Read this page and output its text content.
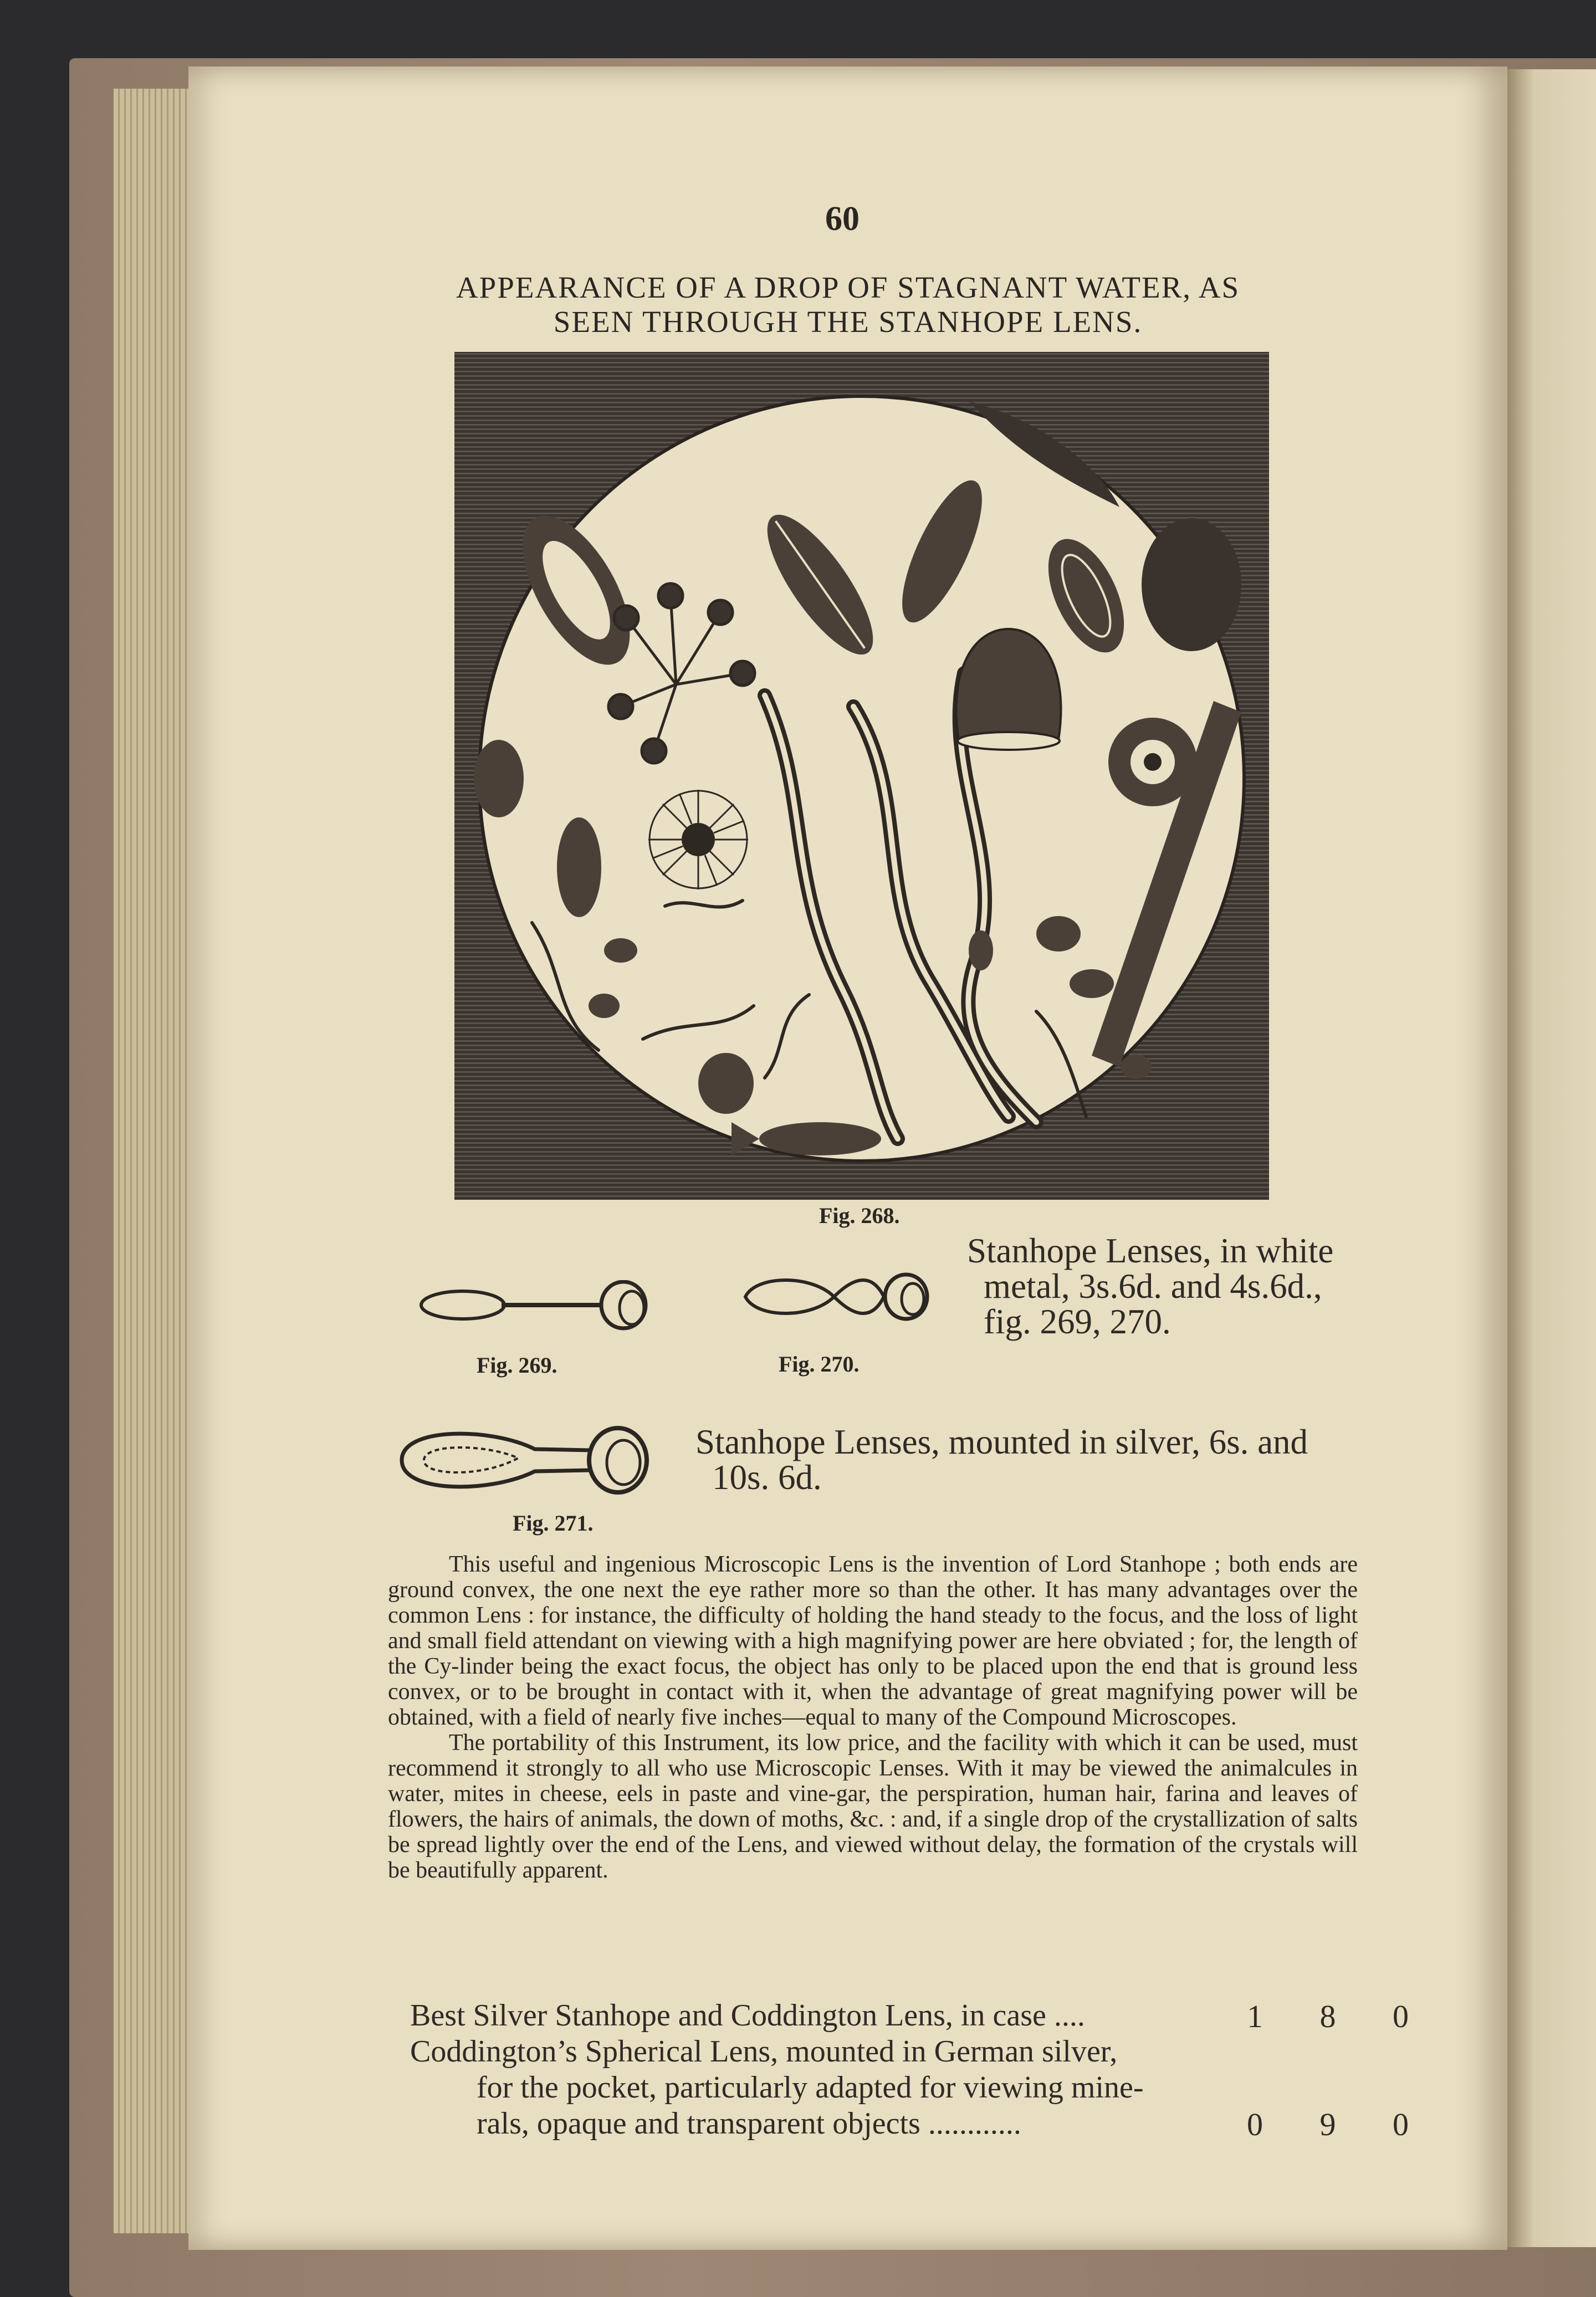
60
APPEARANCE OF A DROP OF STAGNANT WATER, AS
SEEN THROUGH THE STANHOPE LENS.
Fig. 268.
Fig. 269.	Fig. 270.
Stanhope Lenses, in white
metal, 3s.6d. and 4s.6d.,
fig. 269, 270.
Fig. 271.
Stanhope Lenses, mounted in silver, 6s. and
10s. 6d.

This useful and ingenious Microscopic Lens is the invention of Lord Stanhope ; both ends are ground convex, the one next the eye rather more so than the other. It has many advantages over the common Lens : for instance, the difficulty of holding the hand steady to the focus, and the loss of light and small field attendant on viewing with a high magnifying power are here obviated ; for, the length of the Cy-linder being the exact focus, the object has only to be placed upon the end that is ground less convex, or to be brought in contact with it, when the advantage of great magnifying power will be obtained, with a field of nearly five inches—equal to many of the Compound Microscopes.

The portability of this Instrument, its low price, and the facility with which it can be used, must recommend it strongly to all who use Microscopic Lenses. With it may be viewed the animalcules in water, mites in cheese, eels in paste and vine-gar, the perspiration, human hair, farina and leaves of flowers, the hairs of animals, the down of moths, &c. : and, if a single drop of the crystallization of salts be spread lightly over the end of the Lens, and viewed without delay, the formation of the crystals will be beautifully apparent.

Best Silver Stanhope and Coddington Lens, in case ....	1 8 0
Coddington’s Spherical Lens, mounted in German silver,
for the pocket, particularly adapted for viewing mine-
rals, opaque and transparent objects ............	0 9 0
